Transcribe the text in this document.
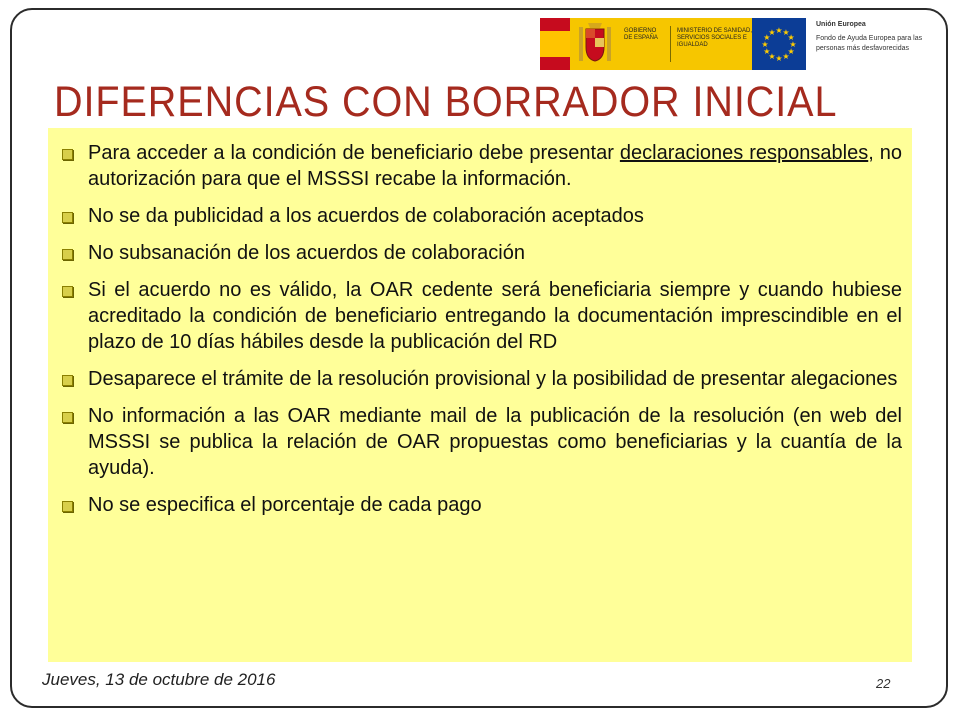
GOBIERNO DE ESPAÑA
MINISTERIO DE SANIDAD, SERVICIOS SOCIALES E IGUALDAD	★
★
★
★
★
★
★
★
★ ★ ★
★
Unión Europea
Fondo de Ayuda Europea para las personas más desfavorecidas
DIFERENCIAS CON BORRADOR INICIAL
Para acceder a la condición de beneficiario debe presentar declaraciones responsables, no autorización para que el MSSSI recabe la información.
No se da publicidad a los acuerdos de colaboración aceptados
No subsanación de los acuerdos de colaboración
Si el acuerdo no es válido, la OAR cedente será beneficiaria siempre y cuando hubiese acreditado la condición de beneficiario entregando la documentación imprescindible en el plazo de 10 días hábiles desde la publicación del RD
Desaparece el trámite de la resolución provisional y la posibilidad de presentar alegaciones
No información a las OAR mediante mail de la publicación de la resolución (en web del MSSSI se publica la relación de OAR propuestas como beneficiarias y la cuantía de la ayuda).
No se especifica el porcentaje de cada pago
Jueves, 13 de octubre de 2016	22
